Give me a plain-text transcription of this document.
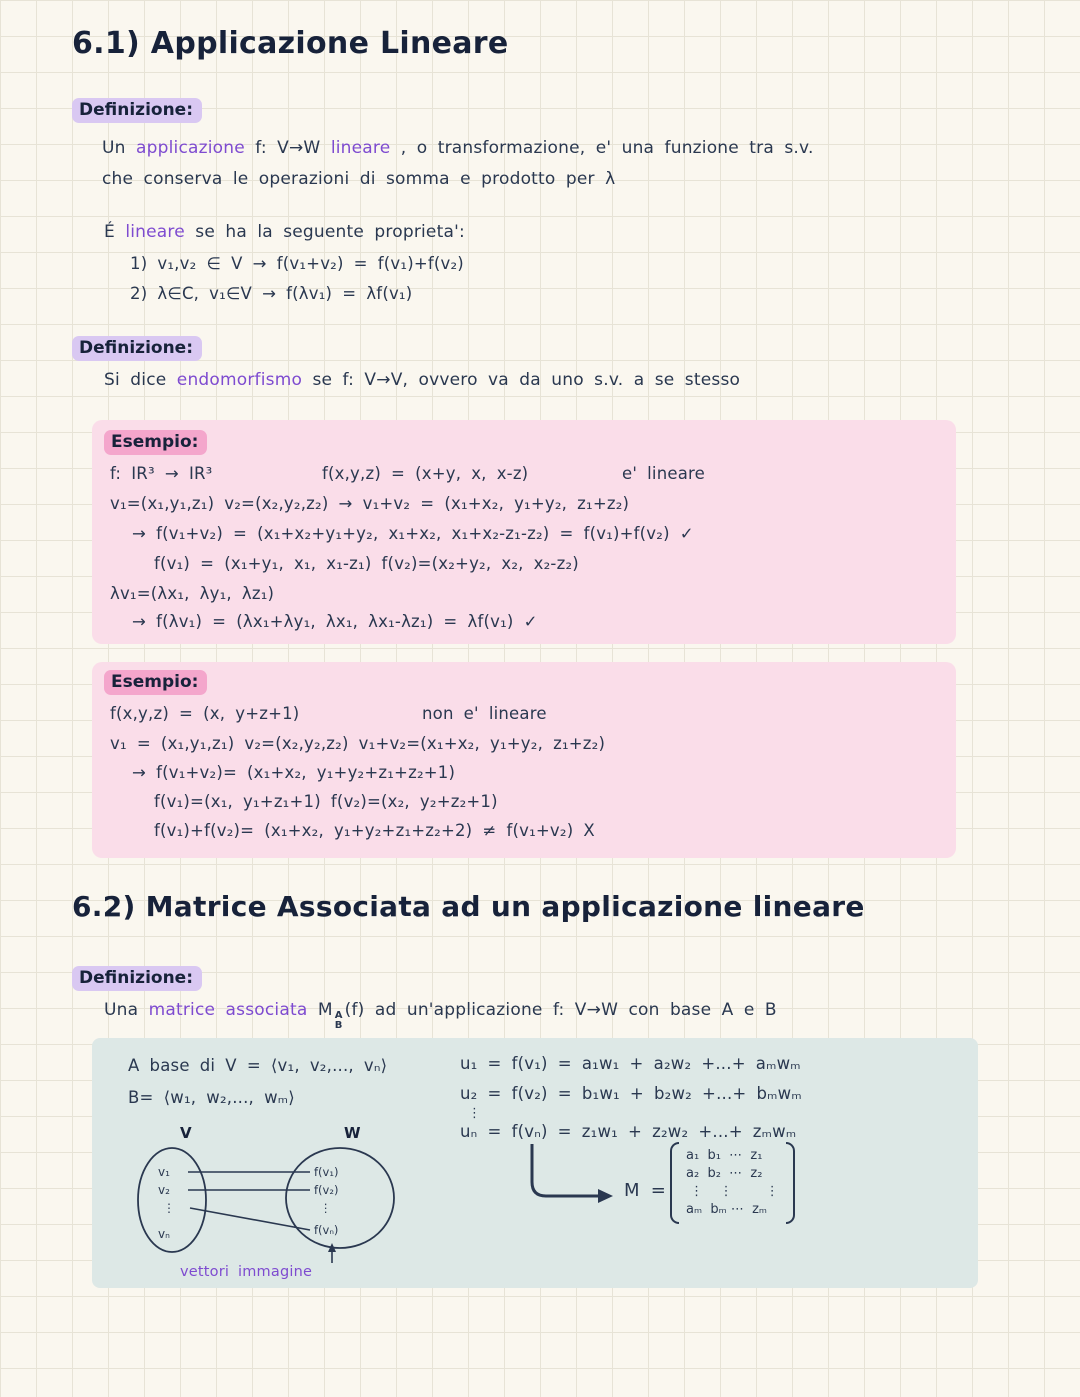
6.1) Applicazione Lineare
Definizione:
Un applicazione f: V→W lineare , o transformazione, e' una funzione tra s.v.
che conserva le operazioni di somma e prodotto per λ
É lineare se ha la seguente proprieta':
1) v₁,v₂ ∈ V → f(v₁+v₂) = f(v₁)+f(v₂)
2) λ∈C, v₁∈V → f(λv₁) = λf(v₁)
Definizione:
Si dice endomorfismo se f: V→V, ovvero va da uno s.v. a se stesso
Esempio:
f: IR³ → IR³	f(x,y,z) = (x+y, x, x-z)	e' lineare
v₁=(x₁,y₁,z₁) v₂=(x₂,y₂,z₂) → v₁+v₂ = (x₁+x₂, y₁+y₂, z₁+z₂)
→ f(v₁+v₂) = (x₁+x₂+y₁+y₂, x₁+x₂, x₁+x₂-z₁-z₂) = f(v₁)+f(v₂) ✓
f(v₁) = (x₁+y₁, x₁, x₁-z₁) f(v₂)=(x₂+y₂, x₂, x₂-z₂)
λv₁=(λx₁, λy₁, λz₁)
→ f(λv₁) = (λx₁+λy₁, λx₁, λx₁-λz₁) = λf(v₁) ✓
Esempio:
f(x,y,z) = (x, y+z+1)	non e' lineare
v₁ = (x₁,y₁,z₁) v₂=(x₂,y₂,z₂) v₁+v₂=(x₁+x₂, y₁+y₂, z₁+z₂)
→ f(v₁+v₂)= (x₁+x₂, y₁+y₂+z₁+z₂+1)
f(v₁)=(x₁, y₁+z₁+1) f(v₂)=(x₂, y₂+z₂+1)
f(v₁)+f(v₂)= (x₁+x₂, y₁+y₂+z₁+z₂+2) ≠ f(v₁+v₂) X
6.2) Matrice Associata ad un applicazione lineare
Definizione:
Una matrice associata M A
B
(f) ad un'applicazione f: V→W con base A e B
A base di V = ⟨v₁, v₂,..., vₙ⟩
B= ⟨w₁, w₂,..., wₘ⟩
u₁ = f(v₁) = a₁w₁ + a₂w₂ +...+ aₘwₘ
u₂ = f(v₂) = b₁w₁ + b₂w₂ +...+ bₘwₘ
⋮
uₙ = f(vₙ) = z₁w₁ + z₂w₂ +...+ zₘwₘ
V	W
v₁
v₂
⋮
vₙ
f(v₁)
f(v₂)
⋮
f(vₙ)
vettori immagine
M =
a₁  b₁  ⋯  z₁
a₂  b₂  ⋯  z₂
⋮    ⋮        ⋮
aₘ  bₘ ⋯  zₘ
